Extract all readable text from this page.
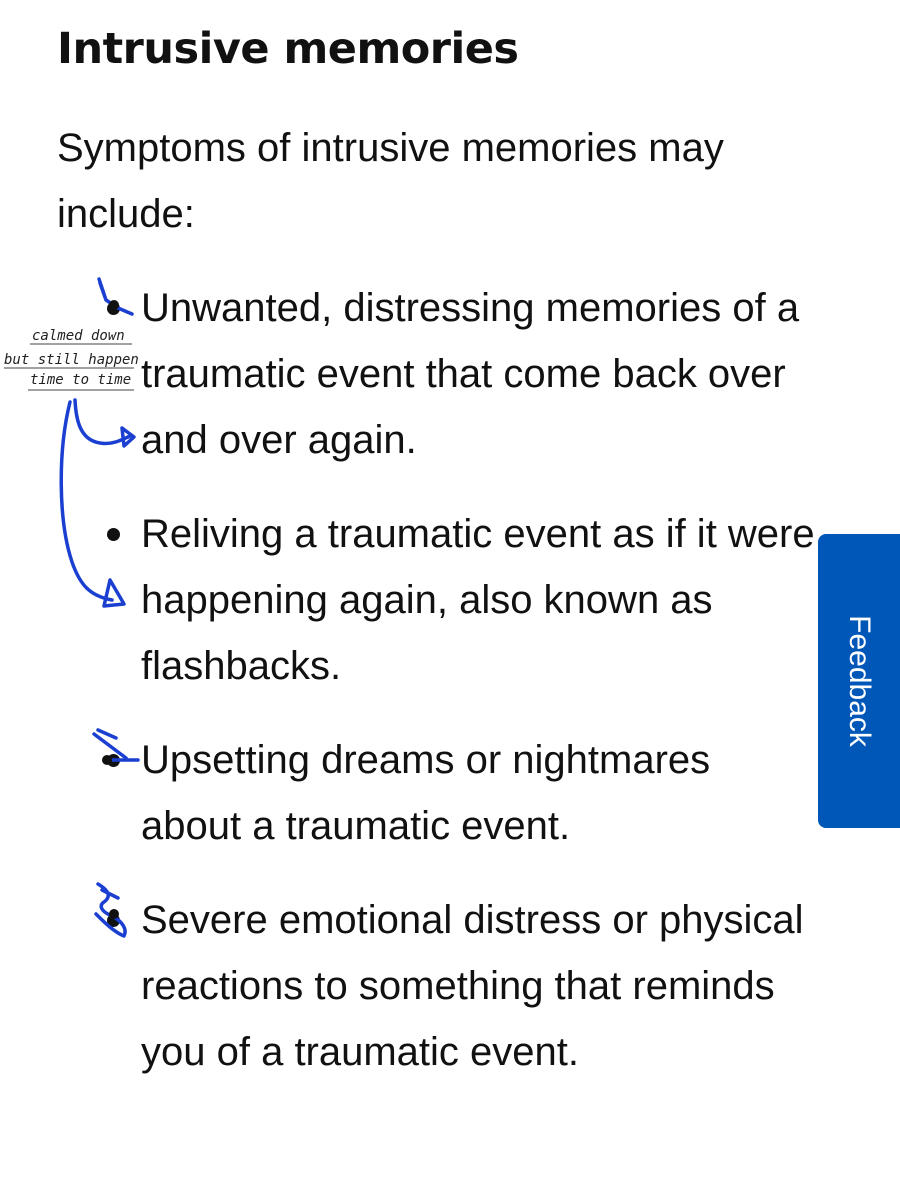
Intrusive memories

Symptoms of intrusive memories may include:

Unwanted, distressing memories of a traumatic event that come back over and over again.
Reliving a traumatic event as if it were happening again, also known as flashbacks.
Upsetting dreams or nightmares about a traumatic event.
Severe emotional distress or physical reactions to something that reminds you of a traumatic event.
Feedback
calmed down
but still happen
time to time
